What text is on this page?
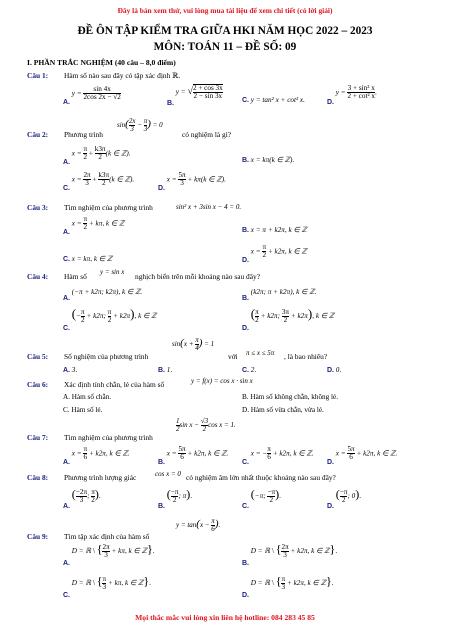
Đây là bản xem thử, vui lòng mua tài liệu để xem chi tiết (có lời giải)
ĐỀ ÔN TẬP KIỂM TRA GIỮA HKI NĂM HỌC 2022 – 2023
MÔN: TOÁN 11 – ĐỀ SỐ: 09
I. PHẦN TRẮC NGHIỆM (40 câu – 8,0 điểm)
Câu 1: Hàm số nào sau đây có tập xác định ℝ.
A. $y = \frac{\sin 4x}{2\cos 2x - √2}$
B. y = √ $\frac{2 + \cos 3x}{2 - \sin 3x}$
C. y = tan² x + cot² x.	D. $y = \frac{\text{3 + sin² x}}{\text{2 + cot² x}}$ .
Câu 2: Phương trình
$\sin( \frac{2x}{3} - \frac{\pi}{3}$ ) = 0
có nghiệm là gì?
A. $x = \frac{\pi}{2} + \frac{k3\pi}{2} (k$ ∈ ℤ).
B. x = kπ(k ∈ ℤ).
C. $x = \frac{2\pi}{3} + \frac{k3\pi}{2} (k$ ∈ ℤ).
D. $x = \frac{5\pi}{3} + k\pi(k$ ∈ ℤ).
Câu 3: Tìm nghiệm của phương trình	sin² x + 3sin x − 4 = 0.
A. $x = \frac{\pi}{2} + k\pi$, k ∈ ℤ
B. x = π + k2π, k ∈ ℤ
C. x = kπ, k ∈ ℤ	D. $x = \frac{\pi}{2} + k2\pi$, k ∈ ℤ
Câu 4: Hàm số y = sin x nghịch biến trên mỗi khoảng nào sau đây?
A. (−π + k2π; k2π), k ∈ ℤ.
B. (k2π; π + k2π), k ∈ ℤ.
C. (− $\frac{\pi}{2} + k2\pi$; $\frac{\pi}{2} + k2\pi$), k ∈ ℤ
D. ( $\frac{\pi}{2} + k2\pi$; $\frac{3\pi}{2} + k2\pi$), k ∈ ℤ
Câu 5: Số nghiệm của phương trình
$\sin(x + \frac{\pi}{4}$ ) = 1
với π ≤ x ≤ 5π , là bao nhiêu?
A. 3.	B. 1.	C. 2.	D. 0.
Câu 6: Xác định tính chẵn, lẻ của hàm số	y = f(x) = cos x · sin x
A. Hàm số chẵn.	B. Hàm số không chẵn, không lẻ.
C. Hàm số lẻ.	D. Hàm số vừa chẵn, vừa lẻ.
Câu 7: Tìm nghiệm của phương trình
$\frac{1}{2}$ $\sin x - \frac{√3}{2}$ cos x = 1.
A. $x = \frac{\pi}{6} + k2\pi$, k ∈ ℤ.
B. $x = \frac{5\pi}{6} + k2\pi$, k ∈ ℤ.
C. x = − $\frac{\pi}{6} + k2\pi$, k ∈ ℤ.
D. $x = \frac{5\pi}{6} + k2\pi$, k ∈ ℤ.
Câu 8: Phương trình lượng giác	cos x = 0 có nghiệm âm lớn nhất thuộc khoảng nào sau đây?
A. ( $\frac{-2\pi}{3}$ ; $\frac{\pi}{2}$ ).
B. ( $\frac{-\pi}{2}$ ; π).
C. (−π; $\frac{-\pi}{2}$ ).
D. ( $\frac{-\pi}{2}$ ; 0).
Câu 9: Tìm tập xác định của hàm số
$y = \tan(x - \frac{\pi}{6}$ ).
A. D = ℝ \ { $\frac{2\pi}{3} + k\pi$, k ∈ ℤ}.
B. D = ℝ \ { $\frac{2\pi}{3} + k2\pi$, k ∈ ℤ}.
C. D = ℝ \ { $\frac{\pi}{3} + k\pi$, k ∈ ℤ}.
D. D = ℝ \ { $\frac{\pi}{3} + k2\pi$, k ∈ ℤ}.
Mọi thắc mắc vui lòng xin liên hệ hotline: 084 283 45 85
